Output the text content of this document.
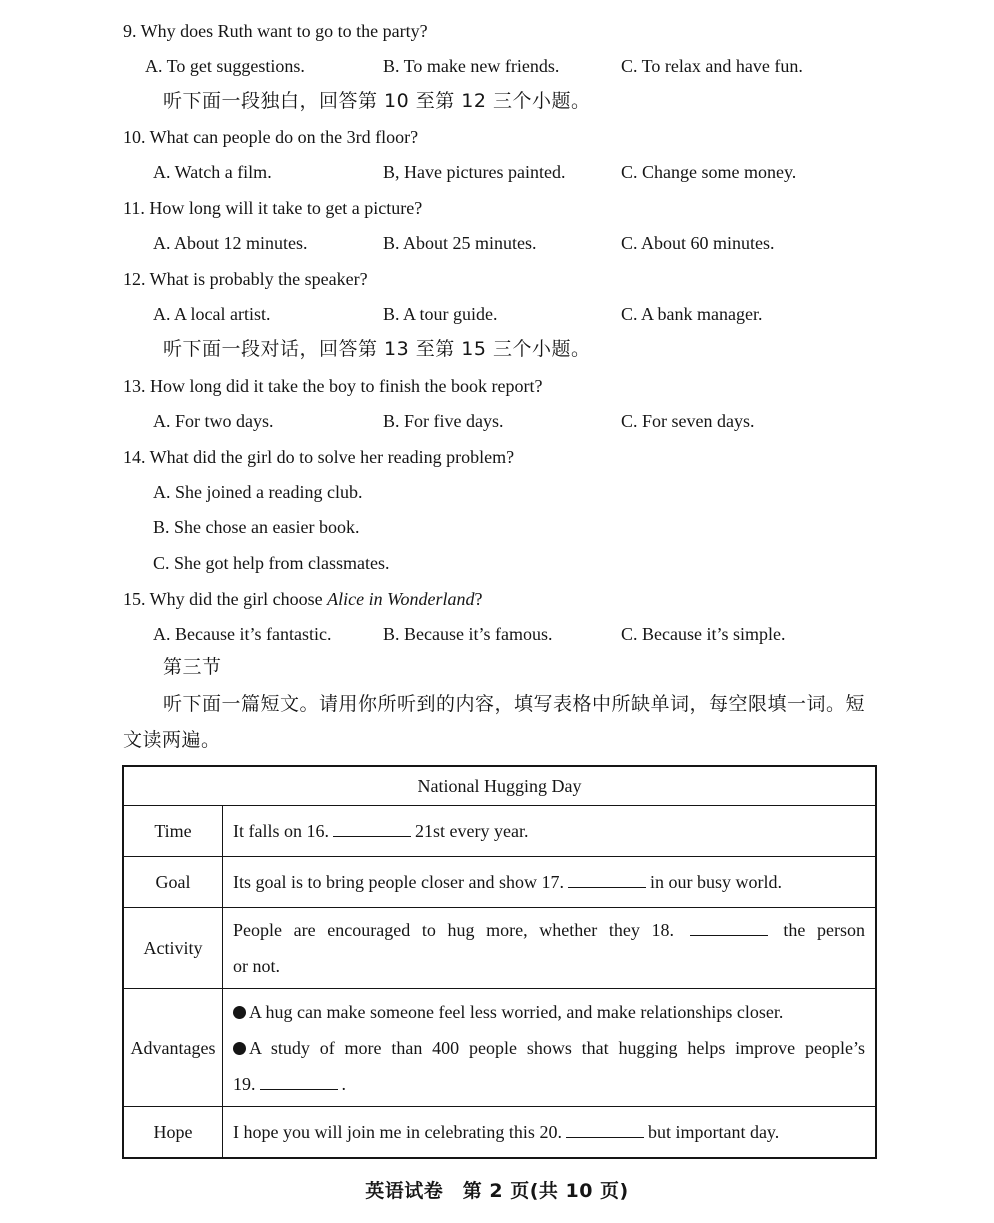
9. Why does Ruth want to go to the party?
A. To get suggestions.	B. To make new friends.	C. To relax and have fun.
听下面一段独白，回答第 10 至第 12 三个小题。
10. What can people do on the 3rd floor?
A. Watch a film.	B, Have pictures painted.	C. Change some money.
11. How long will it take to get a picture?
A. About 12 minutes.	B. About 25 minutes.	C. About 60 minutes.
12. What is probably the speaker?
A. A local artist.	B. A tour guide.	C. A bank manager.
听下面一段对话，回答第 13 至第 15 三个小题。
13. How long did it take the boy to finish the book report?
A. For two days.	B. For five days.	C. For seven days.
14. What did the girl do to solve her reading problem?
A. She joined a reading club.
B. She chose an easier book.
C. She got help from classmates.
15. Why did the girl choose Alice in Wonderland?
A. Because it’s fantastic.	B. Because it’s famous.	C. Because it’s simple.
第三节
听下面一篇短文。请用你所听到的内容，填写表格中所缺单词，每空限填一词。短文读两遍。
National Hugging Day	
Time	It falls on 16. 21st every year.
Goal	Its goal is to bring people closer and show 17. in our busy world.
Activity	People are encouraged to hug more, whether they 18. the person
or not.

Advantages	A hug can make someone feel less worried, and make relationships closer.
A study of more than 400 people shows that hugging helps improve people’s
19. .

Hope	I hope you will join me in celebrating this 20. but important day.
英语试卷　第 2 页(共 10 页)
